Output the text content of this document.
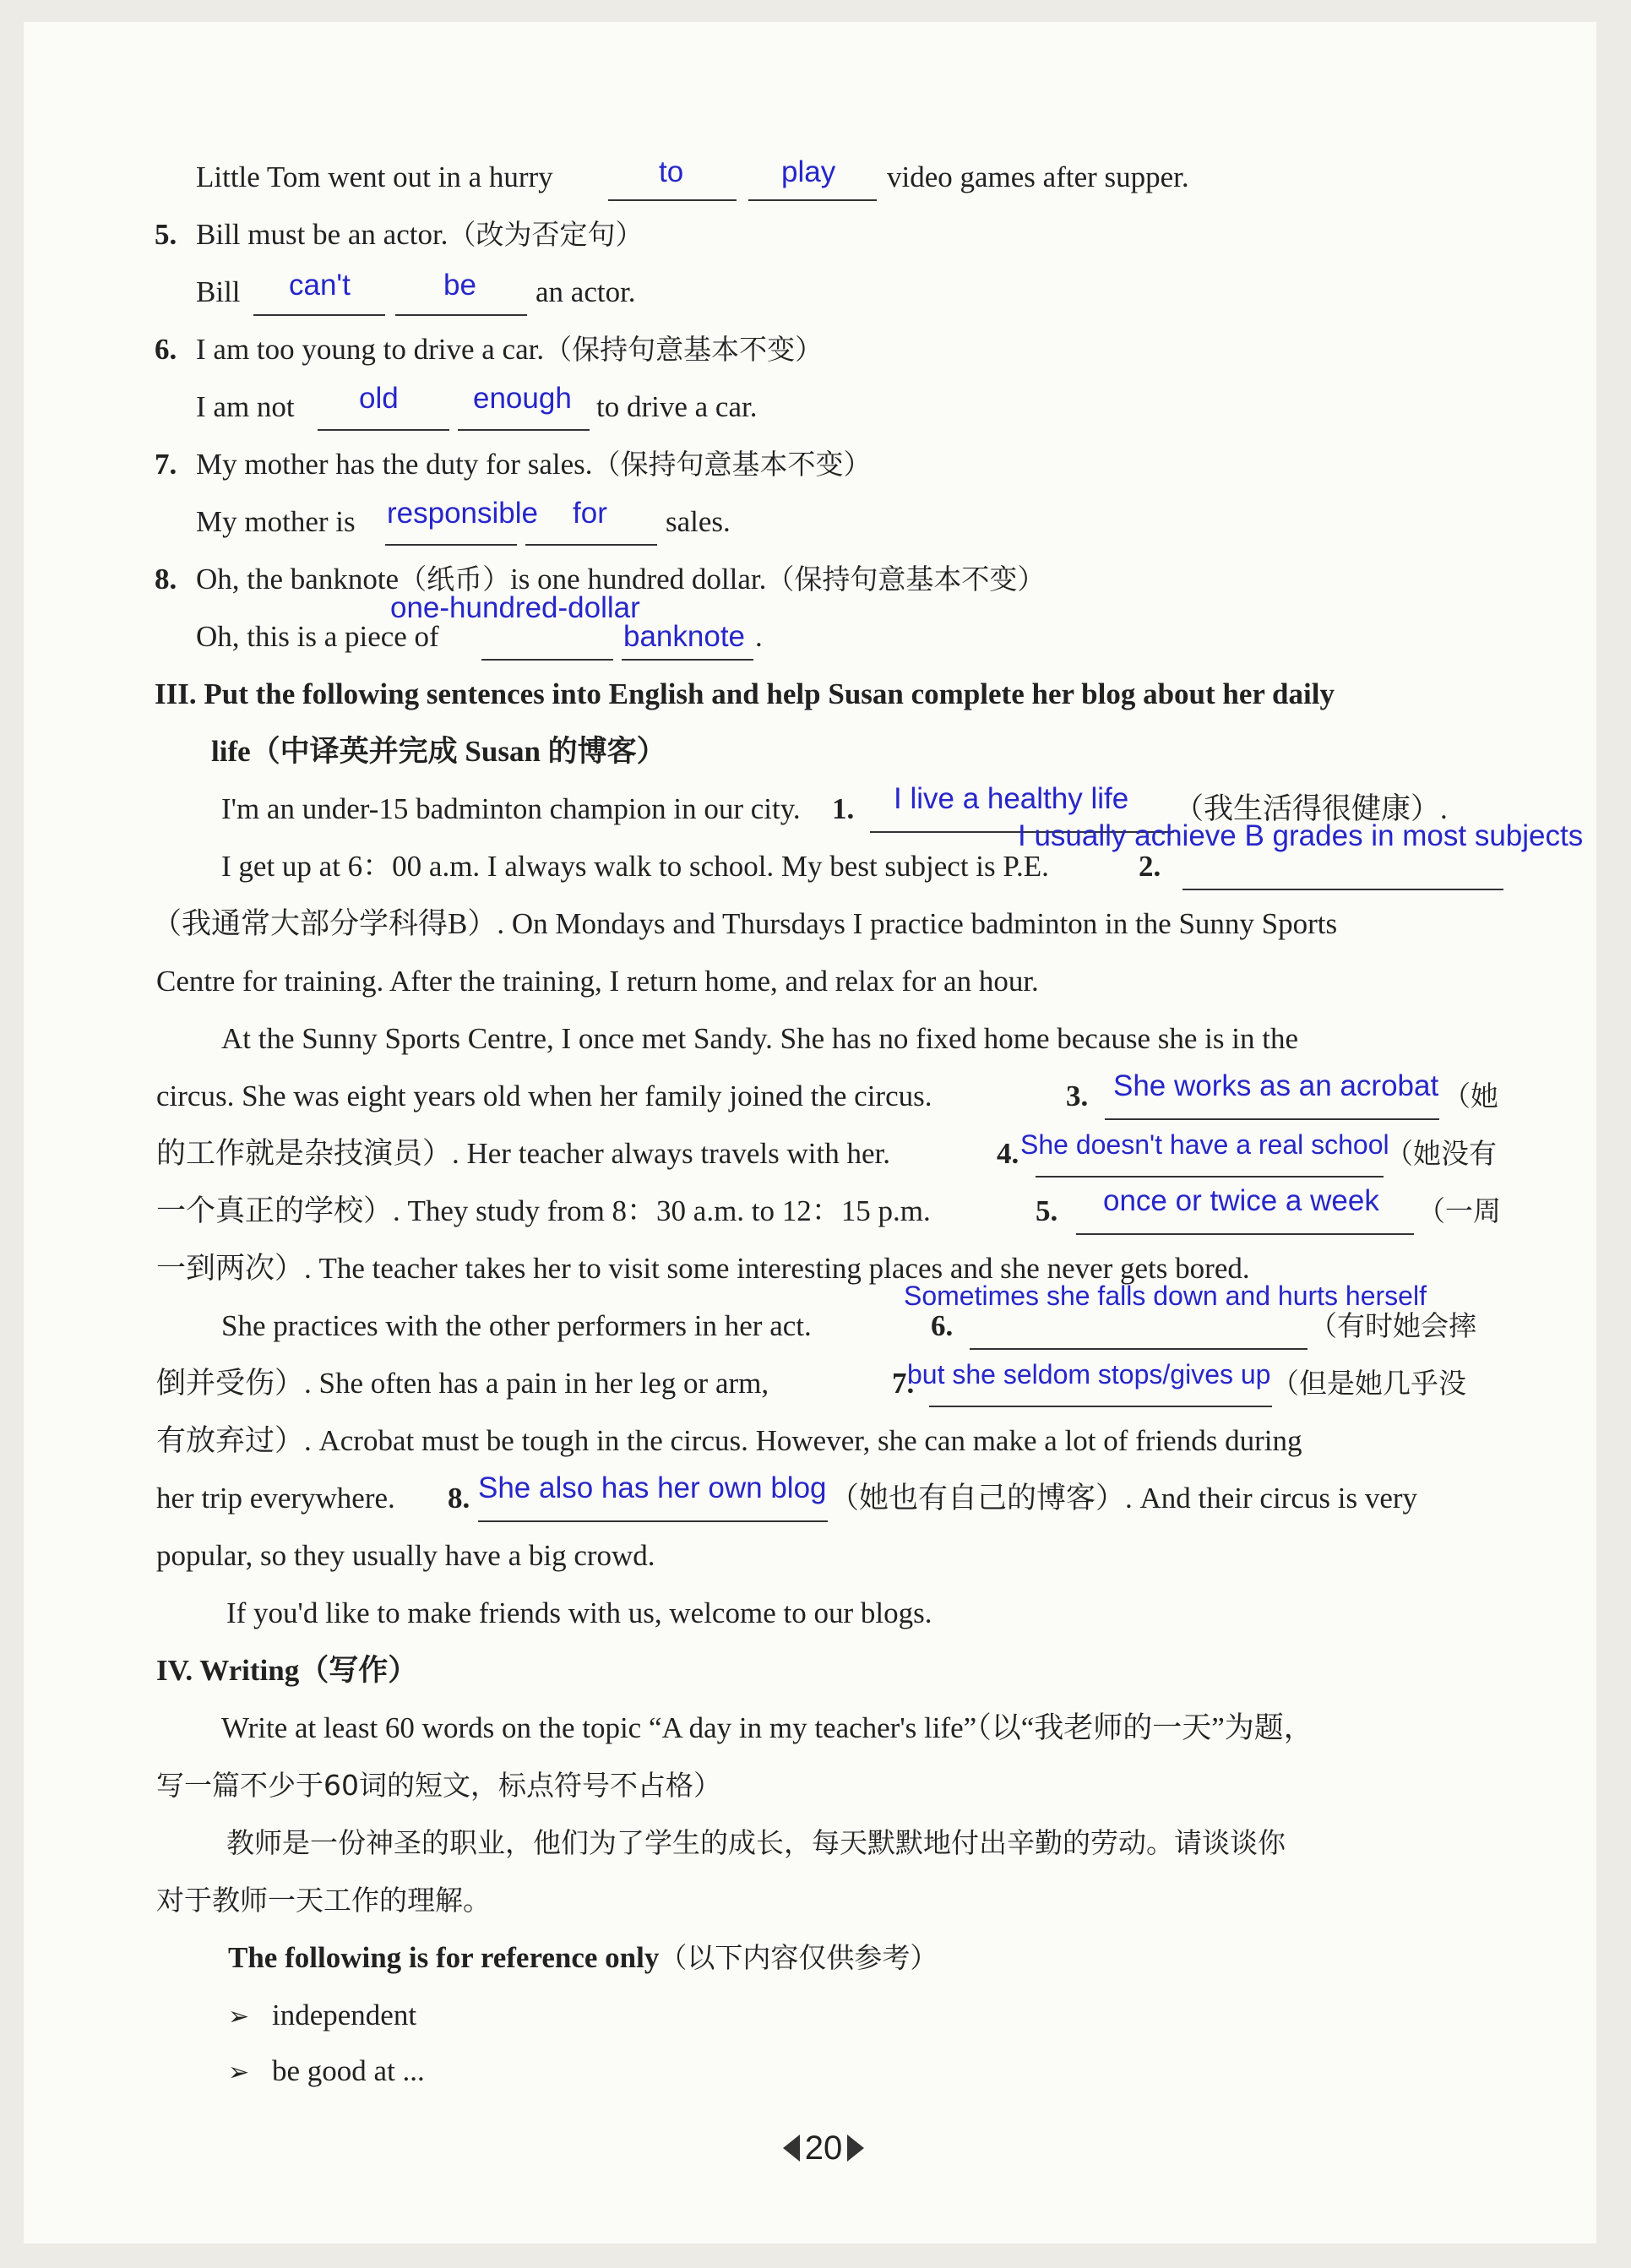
Little Tom went out in a hurry	to	play video games after supper.
5. Bill must be an actor.（改为否定句）
Bill can't	be an actor.
6. I am too young to drive a car.（保持句意基本不变）
I am not old	enough to drive a car.
7. My mother has the duty for sales.（保持句意基本不变）
My mother is responsible for sales.
8. Oh, the banknote（纸币）is one hundred dollar.（保持句意基本不变）
one-hundred-dollar
Oh, this is a piece of	banknote .
III. Put the following sentences into English and help Susan complete her blog about her daily
life（中译英并完成 Susan 的博客）
I'm an under-15 badminton champion in our city. 1. I live a healthy life （我生活得很健康）.
I usually achieve B grades in most subjects
I get up at 6：00 a.m. I always walk to school. My best subject is P.E.	2.
（我通常大部分学科得B）. On Mondays and Thursdays I practice badminton in the Sunny Sports
Centre for training. After the training, I return home, and relax for an hour.
At the Sunny Sports Centre, I once met Sandy. She has no fixed home because she is in the
circus. She was eight years old when her family joined the circus.	3. She works as an acrobat （她
的工作就是杂技演员）. Her teacher always travels with her.	4. She doesn't have a real school
（她没有
一个真正的学校）. They study from 8：30 a.m. to 12：15 p.m.	5. once or twice a week （一周
一到两次）. The teacher takes her to visit some interesting places and she never gets bored.
Sometimes she falls down and hurts herself
She practices with the other performers in her act.	6.	（有时她会摔
倒并受伤）. She often has a pain in her leg or arm,	7.
but she seldom stops/gives up （但是她几乎没
有放弃过）. Acrobat must be tough in the circus. However, she can make a lot of friends during
her trip everywhere. 8. She also has her own blog （她也有自己的博客）. And their circus is very
popular, so they usually have a big crowd.
If you'd like to make friends with us, welcome to our blogs.
IV. Writing（写作）
Write at least 60 words on the topic “A day in my teacher's life”（以“我老师的一天”为题，
写一篇不少于60词的短文，标点符号不占格）
教师是一份神圣的职业，他们为了学生的成长，每天默默地付出辛勤的劳动。请谈谈你
对于教师一天工作的理解。
The following is for reference only（以下内容仅供参考）
➢ independent
➢ be good at ...
20
